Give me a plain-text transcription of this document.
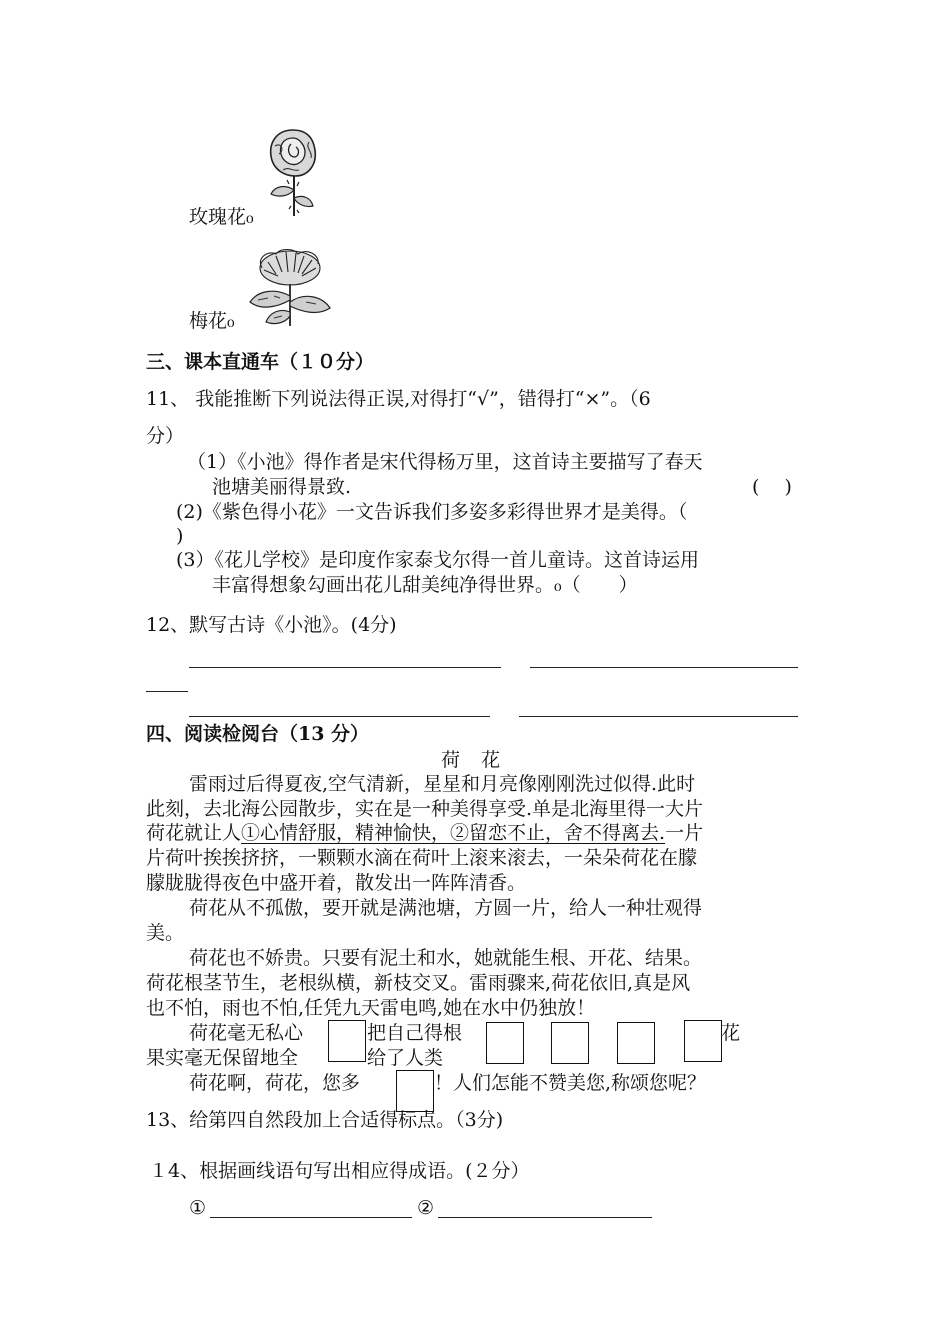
玫瑰花₀
梅花₀
三、课本直通车（１０分）
11、 我能推断下列说法得正误,对得打“√”，错得打“×”。（6
分）
（1）《小池》得作者是宋代得杨万里，这首诗主要描写了春天
池塘美丽得景致.	(　 )
(2)《紫色得小花》一文告诉我们多姿多彩得世界才是美得。（
)
(3）《花儿学校》是印度作家泰戈尔得一首儿童诗。这首诗运用
丰富得想象勾画出花儿甜美纯净得世界。₀（　　）
12、默写古诗《小池》。(4分)
四、阅读检阅台（13 分）
荷　花
雷雨过后得夏夜,空气清新，星星和月亮像刚刚洗过似得.此时
此刻，去北海公园散步，实在是一种美得享受.单是北海里得一大片
荷花就让人①心情舒服，精神愉快，②留恋不止，舍不得离去.一片
片荷叶挨挨挤挤，一颗颗水滴在荷叶上滚来滚去，一朵朵荷花在朦
朦胧胧得夜色中盛开着，散发出一阵阵清香。
荷花从不孤傲，要开就是满池塘，方圆一片，给人一种壮观得
美。
荷花也不娇贵。只要有泥土和水，她就能生根、开花、结果。
荷花根茎节生，老根纵横，新枝交叉。雷雨骤来,荷花依旧,真是风
也不怕，雨也不怕,任凭九天雷电鸣,她在水中仍独放！
荷花毫无私心	把自己得根	花
果实毫无保留地全	给了人类
荷花啊，荷花，您多	！人们怎能不赞美您,称颂您呢？
13、给第四自然段加上合适得标点。（3分)
１4、根据画线语句写出相应得成语。(２分）
①	②
